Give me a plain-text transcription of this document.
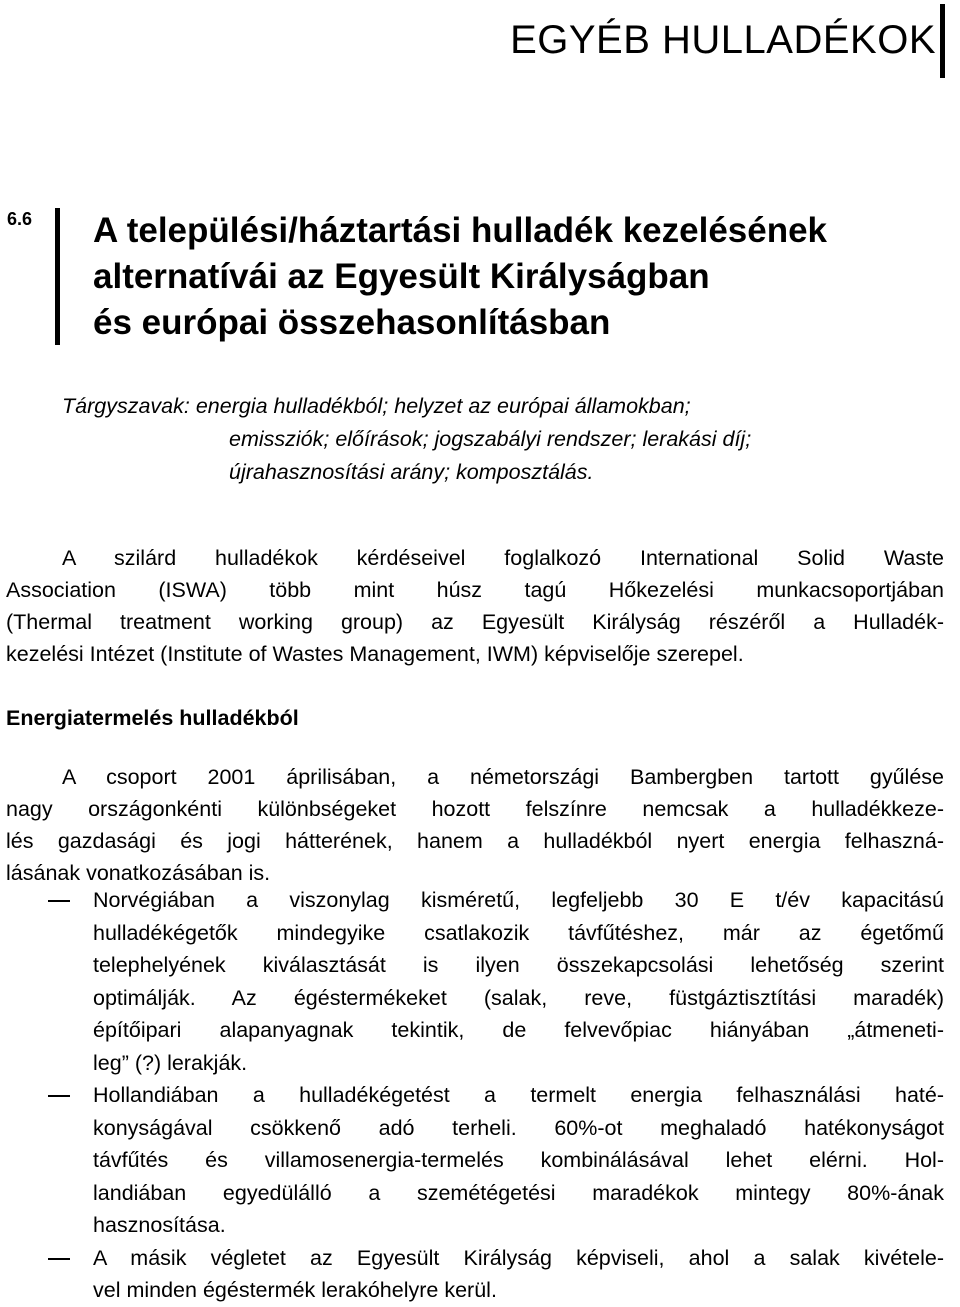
EGYÉB HULLADÉKOK
6.6 A települési/háztartási hulladék kezelésének
alternatívái az Egyesült Királyságban
és európai összehasonlításban
Tárgyszavak: energia hulladékból; helyzet az európai államokban;
emissziók; előírások; jogszabályi rendszer; lerakási díj;
újrahasznosítási arány; komposztálás.
A szilárd hulladékok kérdéseivel foglalkozó International Solid Waste
Association (ISWA) több mint húsz tagú Hőkezelési munkacsoportjában
(Thermal treatment working group) az Egyesült Királyság részéről a Hulladék-
kezelési Intézet (Institute of Wastes Management, IWM) képviselője szerepel.
Energiatermelés hulladékból
A csoport 2001 áprilisában, a németországi Bambergben tartott gyűlése
nagy országonkénti különbségeket hozott felszínre nemcsak a hulladékkeze-
lés gazdasági és jogi hátterének, hanem a hulladékból nyert energia felhaszná-
lásának vonatkozásában is.
Norvégiában a viszonylag kisméretű, legfeljebb 30 E t/év kapacitású
hulladékégetők mindegyike csatlakozik távfűtéshez, már az égetőmű
telephelyének kiválasztását is ilyen összekapcsolási lehetőség szerint
optimálják. Az égéstermékeket (salak, reve, füstgáztisztítási maradék)
építőipari alapanyagnak tekintik, de felvevőpiac hiányában „átmeneti-
leg” (?) lerakják.
Hollandiában a hulladékégetést a termelt energia felhasználási haté-
konyságával csökkenő adó terheli. 60%-ot meghaladó hatékonyságot
távfűtés és villamosenergia-termelés kombinálásával lehet elérni. Hol-
landiában egyedülálló a szemétégetési maradékok mintegy 80%-ának
hasznosítása.
A másik végletet az Egyesült Királyság képviseli, ahol a salak kivétele-
vel minden égéstermék lerakóhelyre kerül.
